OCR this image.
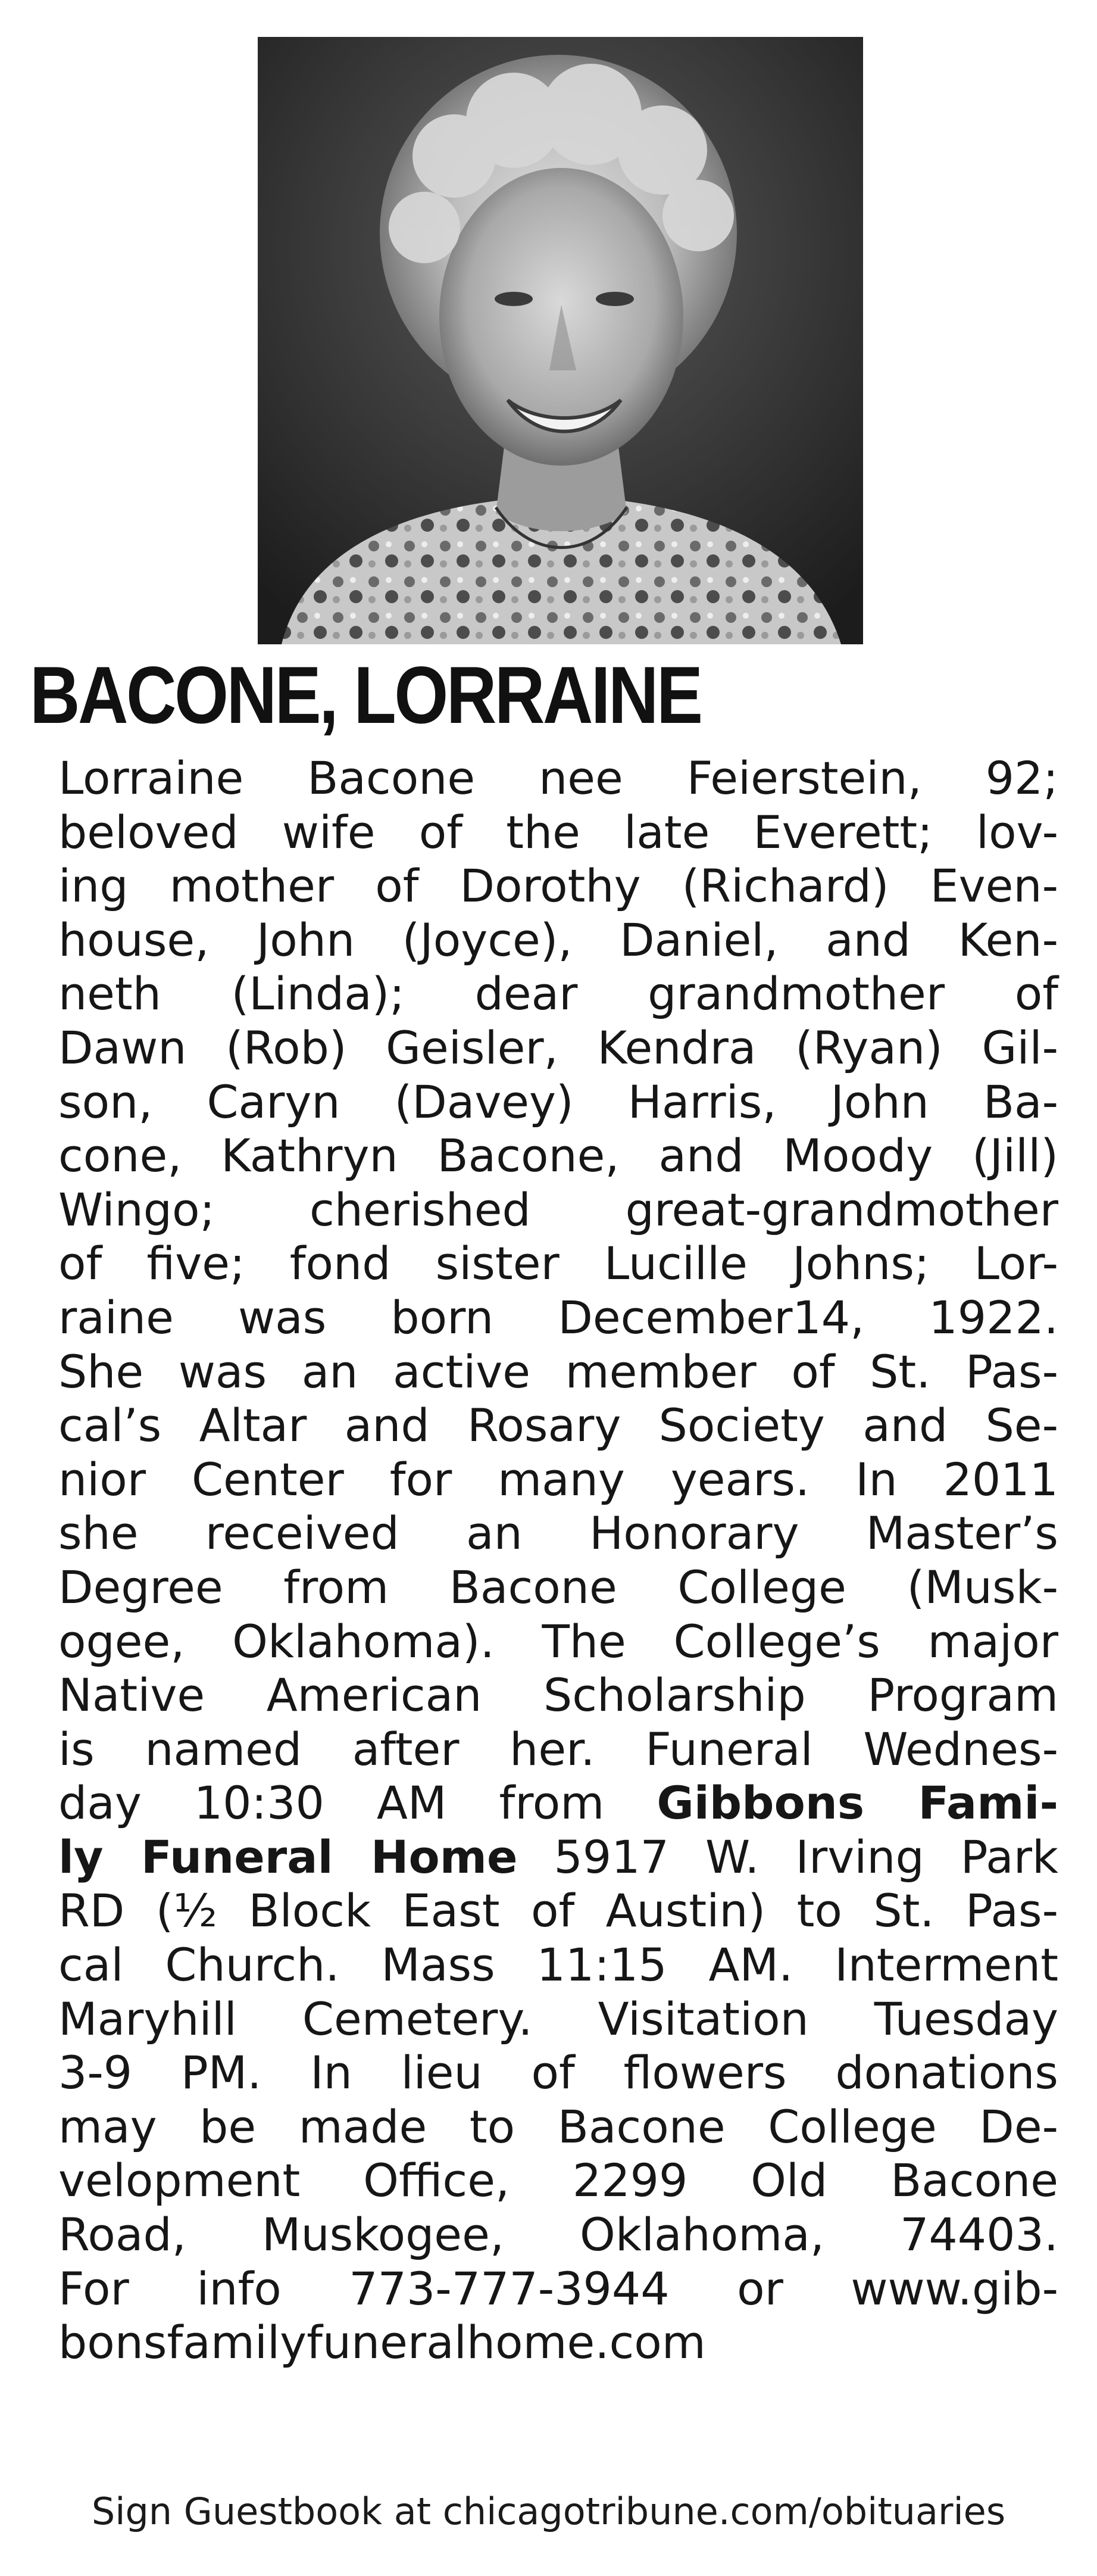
BACONE, LORRAINE
Lorraine Bacone nee Feierstein, 92;
beloved wife of the late Everett; lov-
ing mother of Dorothy (Richard) Even-
house, John (Joyce), Daniel, and Ken-
neth (Linda); dear grandmother of
Dawn (Rob) Geisler, Kendra (Ryan) Gil-
son, Caryn (Davey) Harris, John Ba-
cone, Kathryn Bacone, and Moody (Jill)
Wingo; cherished great-grandmother
of five; fond sister Lucille Johns; Lor-
raine was born December14, 1922.
She was an active member of St. Pas-
cal’s Altar and Rosary Society and Se-
nior Center for many years. In 2011
she received an Honorary Master’s
Degree from Bacone College (Musk-
ogee, Oklahoma). The College’s major
Native American Scholarship Program
is named after her. Funeral Wednes-
day 10:30 AM from Gibbons Fami-
ly Funeral Home 5917 W. Irving Park
RD (½ Block East of Austin) to St. Pas-
cal Church. Mass 11:15 AM. Interment
Maryhill Cemetery. Visitation Tuesday
3-9 PM. In lieu of flowers donations
may be made to Bacone College De-
velopment Office, 2299 Old Bacone
Road, Muskogee, Oklahoma, 74403.
For info 773-777-3944 or www.gib-
bonsfamilyfuneralhome.com
Sign Guestbook at chicagotribune.com/obituaries
